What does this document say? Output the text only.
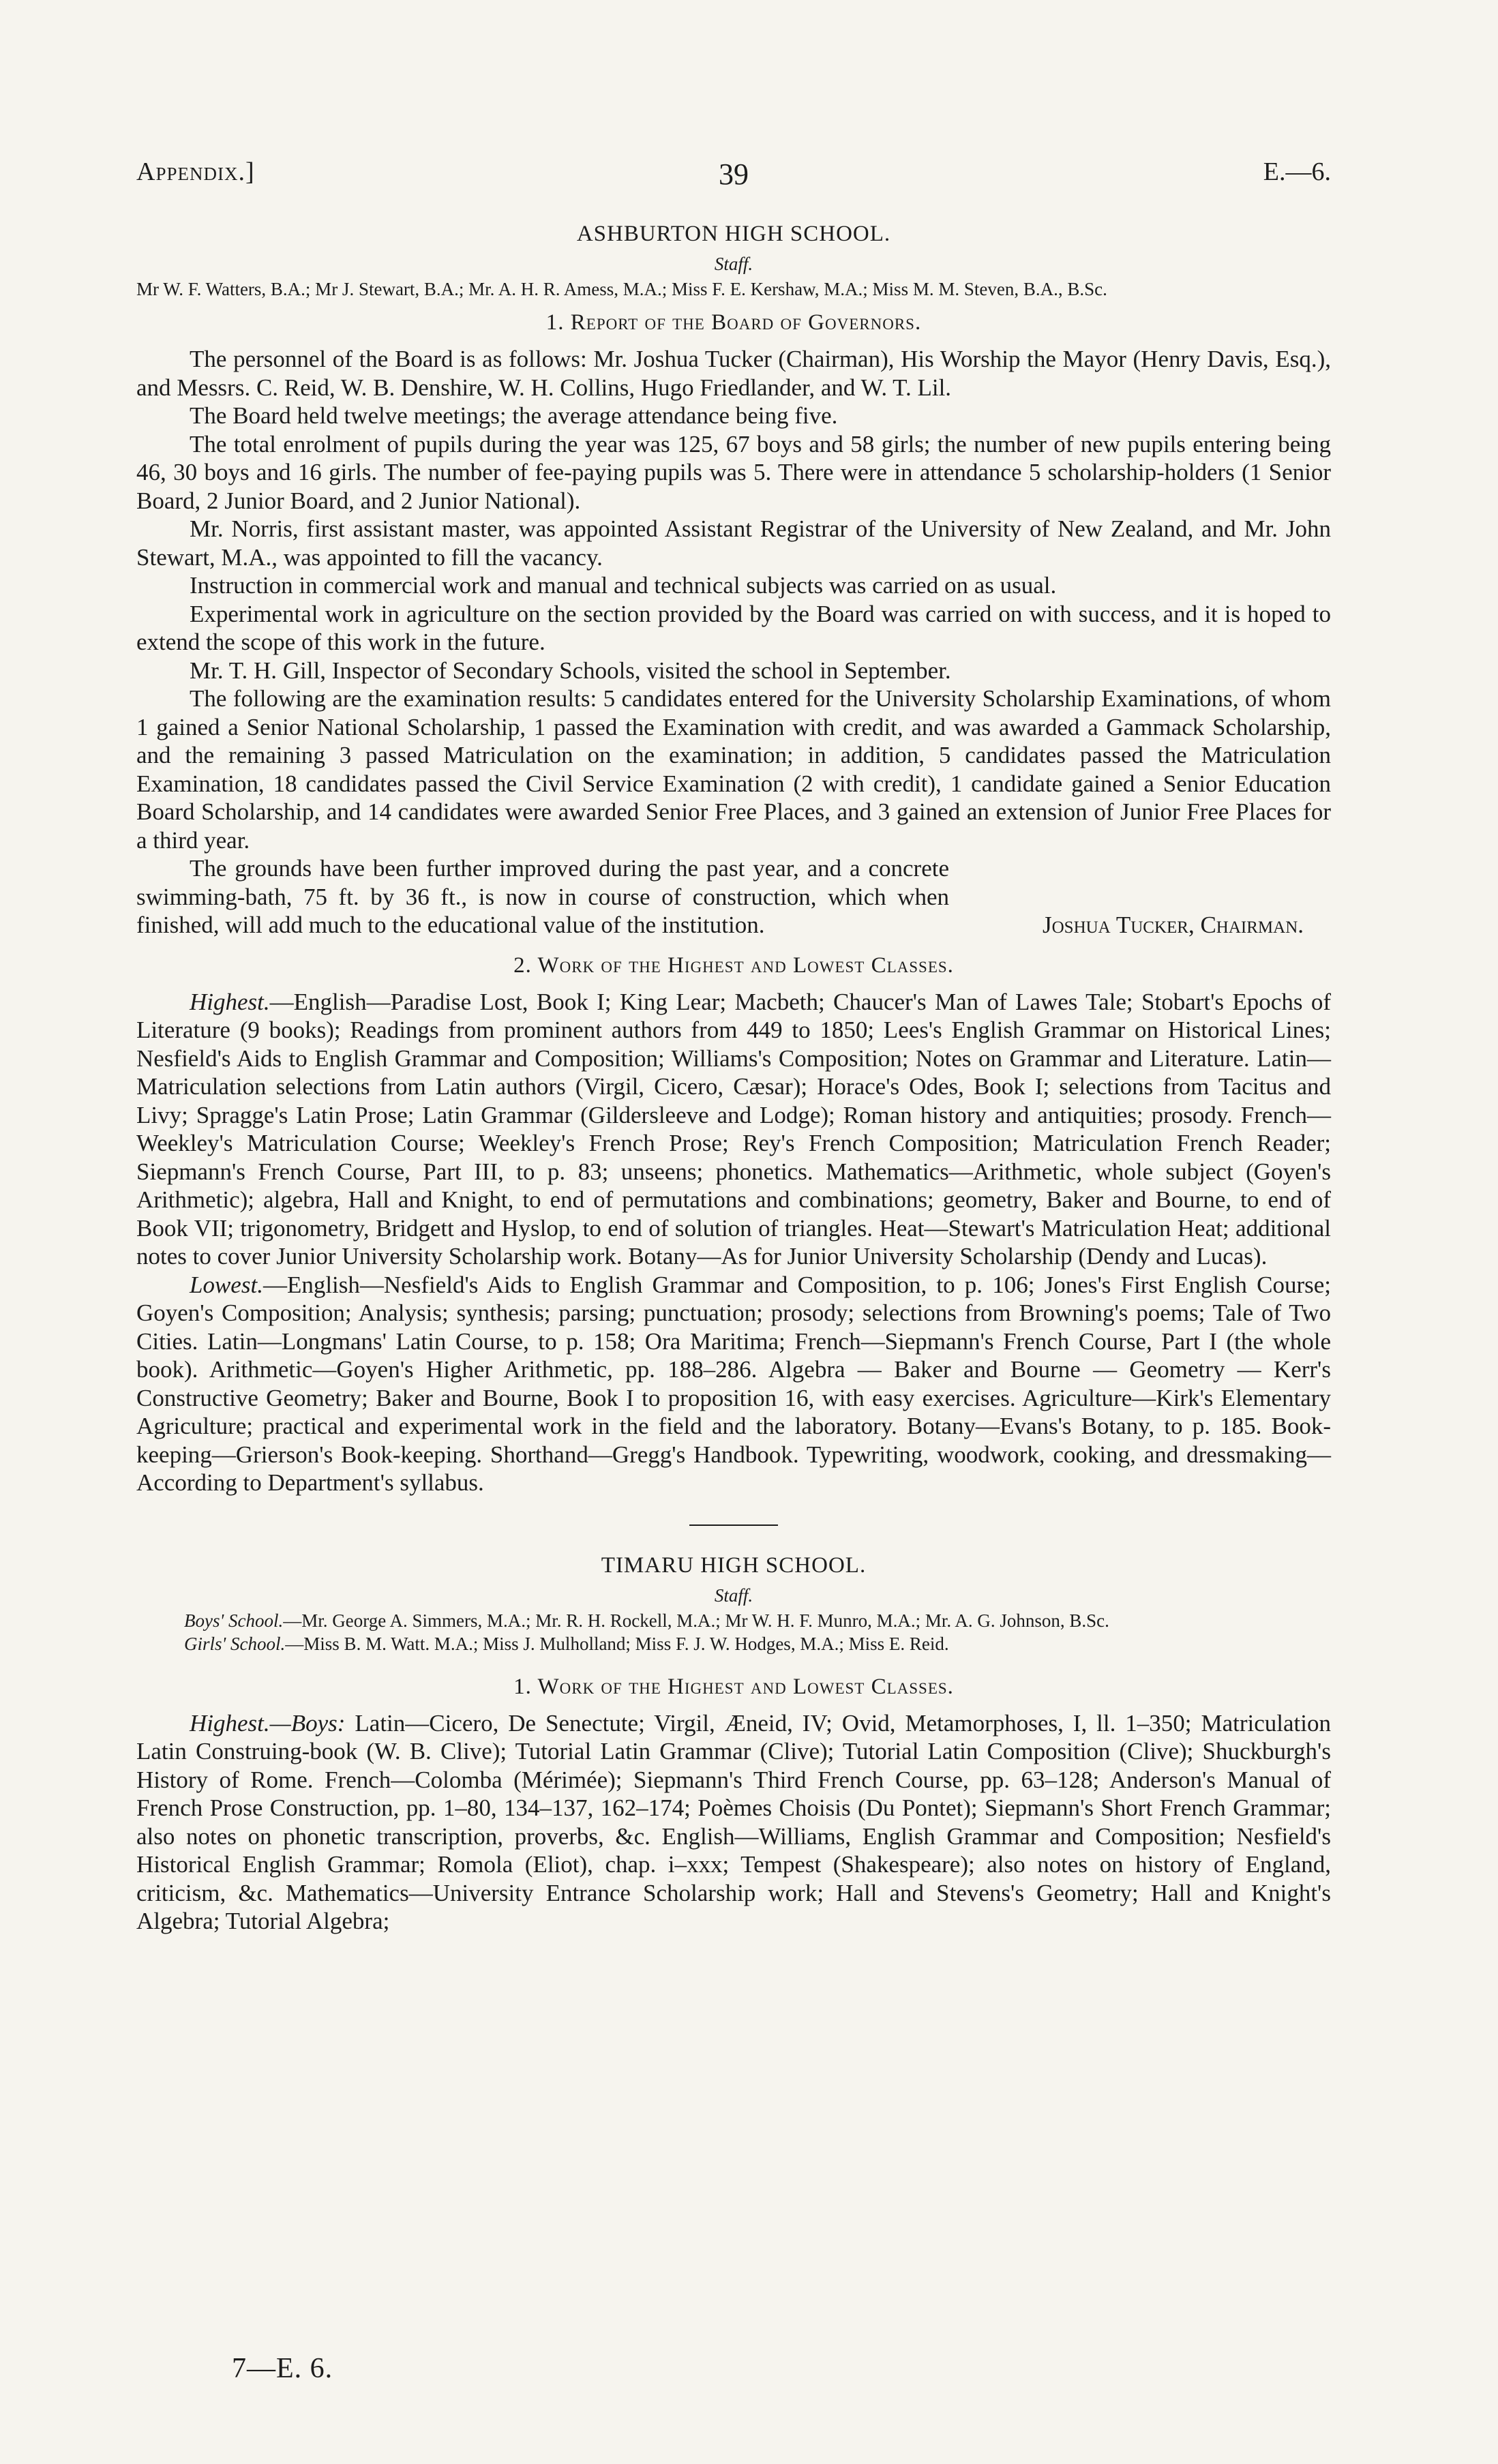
Appendix.]	39	E.—6.
ASHBURTON HIGH SCHOOL.
Staff.

Mr W. F. Watters, B.A.; Mr J. Stewart, B.A.; Mr. A. H. R. Amess, M.A.; Miss F. E. Kershaw, M.A.; Miss M. M. Steven, B.A., B.Sc.

1. Report of the Board of Governors.

The personnel of the Board is as follows: Mr. Joshua Tucker (Chairman), His Worship the Mayor (Henry Davis, Esq.), and Messrs. C. Reid, W. B. Denshire, W. H. Collins, Hugo Friedlander, and W. T. Lil.

The Board held twelve meetings; the average attendance being five.

The total enrolment of pupils during the year was 125, 67 boys and 58 girls; the number of new pupils entering being 46, 30 boys and 16 girls. The number of fee-paying pupils was 5. There were in attendance 5 scholarship-holders (1 Senior Board, 2 Junior Board, and 2 Junior National).

Mr. Norris, first assistant master, was appointed Assistant Registrar of the University of New Zealand, and Mr. John Stewart, M.A., was appointed to fill the vacancy.

Instruction in commercial work and manual and technical subjects was carried on as usual.

Experimental work in agriculture on the section provided by the Board was carried on with success, and it is hoped to extend the scope of this work in the future.

Mr. T. H. Gill, Inspector of Secondary Schools, visited the school in September.

The following are the examination results: 5 candidates entered for the University Scholarship Examinations, of whom 1 gained a Senior National Scholarship, 1 passed the Examination with credit, and was awarded a Gammack Scholarship, and the remaining 3 passed Matriculation on the examination; in addition, 5 candidates passed the Matriculation Examination, 18 candidates passed the Civil Service Examination (2 with credit), 1 candidate gained a Senior Education Board Scholarship, and 14 candidates were awarded Senior Free Places, and 3 gained an extension of Junior Free Places for a third year.

The grounds have been further improved during the past year, and a concrete swimming-bath, 75 ft. by 36 ft., is now in course of construction, which when finished, will add much to the educational value of the institution.	Joshua Tucker, Chairman.
2. Work of the Highest and Lowest Classes.

Highest.—English—Paradise Lost, Book I; King Lear; Macbeth; Chaucer's Man of Lawes Tale; Stobart's Epochs of Literature (9 books); Readings from prominent authors from 449 to 1850; Lees's English Grammar on Historical Lines; Nesfield's Aids to English Grammar and Composition; Williams's Composition; Notes on Grammar and Literature. Latin—Matriculation selections from Latin authors (Virgil, Cicero, Cæsar); Horace's Odes, Book I; selections from Tacitus and Livy; Spragge's Latin Prose; Latin Grammar (Gildersleeve and Lodge); Roman history and antiquities; prosody. French—Weekley's Matriculation Course; Weekley's French Prose; Rey's French Composition; Matriculation French Reader; Siepmann's French Course, Part III, to p. 83; unseens; phonetics. Mathematics—Arithmetic, whole subject (Goyen's Arithmetic); algebra, Hall and Knight, to end of permutations and combinations; geometry, Baker and Bourne, to end of Book VII; trigonometry, Bridgett and Hyslop, to end of solution of triangles. Heat—Stewart's Matriculation Heat; additional notes to cover Junior University Scholarship work. Botany—As for Junior University Scholarship (Dendy and Lucas).

Lowest.—English—Nesfield's Aids to English Grammar and Composition, to p. 106; Jones's First English Course; Goyen's Composition; Analysis; synthesis; parsing; punctuation; prosody; selections from Browning's poems; Tale of Two Cities. Latin—Longmans' Latin Course, to p. 158; Ora Maritima; French—Siepmann's French Course, Part I (the whole book). Arithmetic—Goyen's Higher Arithmetic, pp. 188–286. Algebra — Baker and Bourne — Geometry — Kerr's Constructive Geometry; Baker and Bourne, Book I to proposition 16, with easy exercises. Agriculture—Kirk's Elementary Agriculture; practical and experimental work in the field and the laboratory. Botany—Evans's Botany, to p. 185. Book-keeping—Grierson's Book-keeping. Shorthand—Gregg's Handbook. Typewriting, woodwork, cooking, and dressmaking—According to Department's syllabus.

TIMARU HIGH SCHOOL.
Staff.

Boys' School.—Mr. George A. Simmers, M.A.; Mr. R. H. Rockell, M.A.; Mr W. H. F. Munro, M.A.; Mr. A. G. Johnson, B.Sc.

Girls' School.—Miss B. M. Watt. M.A.; Miss J. Mulholland; Miss F. J. W. Hodges, M.A.; Miss E. Reid.

1. Work of the Highest and Lowest Classes.

Highest.—Boys: Latin—Cicero, De Senectute; Virgil, Æneid, IV; Ovid, Metamorphoses, I, ll. 1–350; Matriculation Latin Construing-book (W. B. Clive); Tutorial Latin Grammar (Clive); Tutorial Latin Composition (Clive); Shuckburgh's History of Rome. French—Colomba (Mérimée); Siepmann's Third French Course, pp. 63–128; Anderson's Manual of French Prose Construction, pp. 1–80, 134–137, 162–174; Poèmes Choisis (Du Pontet); Siepmann's Short French Grammar; also notes on phonetic transcription, proverbs, &c. English—Williams, English Grammar and Composition; Nesfield's Historical English Grammar; Romola (Eliot), chap. i–xxx; Tempest (Shakespeare); also notes on history of England, criticism, &c. Mathematics—University Entrance Scholarship work; Hall and Stevens's Geometry; Hall and Knight's Algebra; Tutorial Algebra;

7—E. 6.
